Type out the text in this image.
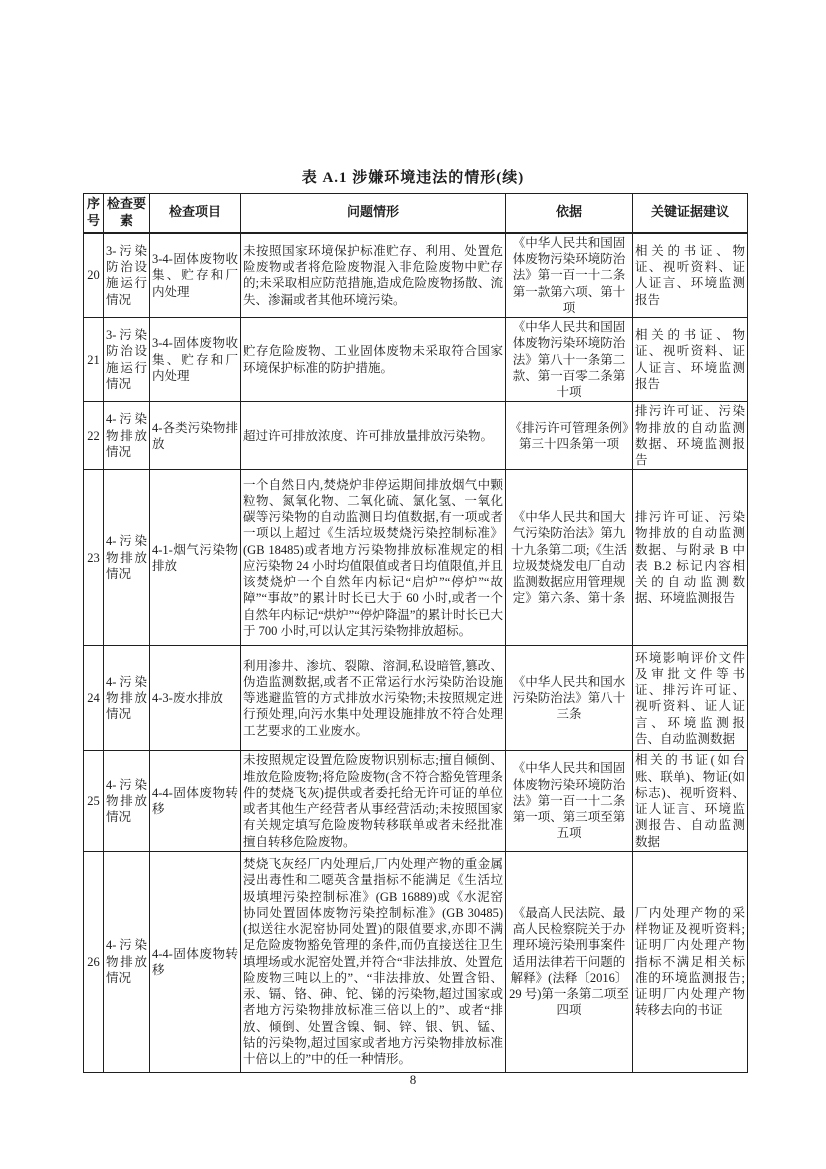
表 A.1 涉嫌环境违法的情形(续)
序号	检查要素	检查项目	问题情形	依据	关键证据建议
20	3-污染防治设施运行情况	3-4-固体废物收集、贮存和厂内处理	未按照国家环境保护标准贮存、利用、处置危险废物或者将危险废物混入非危险废物中贮存的;未采取相应防范措施,造成危险废物扬散、流失、渗漏或者其他环境污染。	《中华人民共和国固体废物污染环境防治法》第一百一十二条第一款第六项、第十项	相关的书证、物证、视听资料、证人证言、环境监测报告
21	3-污染防治设施运行情况	3-4-固体废物收集、贮存和厂内处理	贮存危险废物、工业固体废物未采取符合国家环境保护标准的防护措施。	《中华人民共和国固体废物污染环境防治法》第八十一条第二款、第一百零二条第十项	相关的书证、物证、视听资料、证人证言、环境监测报告
22	4-污染物排放情况	4-各类污染物排放	超过许可排放浓度、许可排放量排放污染物。	《排污许可管理条例》第三十四条第一项	排污许可证、污染物排放的自动监测数据、环境监测报告
23	4-污染物排放情况	4-1-烟气污染物排放	一个自然日内,焚烧炉非停运期间排放烟气中颗粒物、氮氧化物、二氧化硫、氯化氢、一氧化碳等污染物的自动监测日均值数据,有一项或者一项以上超过《生活垃圾焚烧污染控制标准》(GB 18485)或者地方污染物排放标准规定的相应污染物 24 小时均值限值或者日均值限值,并且该焚烧炉一个自然年内标记“启炉”“停炉”“故障”“事故”的累计时长已大于 60 小时,或者一个自然年内标记“烘炉”“停炉降温”的累计时长已大于 700 小时,可以认定其污染物排放超标。	《中华人民共和国大气污染防治法》第九十九条第二项;《生活垃圾焚烧发电厂自动监测数据应用管理规定》第六条、第十条	排污许可证、污染物排放的自动监测数据、与附录 B 中表 B.2 标记内容相关的自动监测数据、环境监测报告
24	4-污染物排放情况	4-3-废水排放	利用渗井、渗坑、裂隙、溶洞,私设暗管,篡改、伪造监测数据,或者不正常运行水污染防治设施等逃避监管的方式排放水污染物;未按照规定进行预处理,向污水集中处理设施排放不符合处理工艺要求的工业废水。	《中华人民共和国水污染防治法》第八十三条	环境影响评价文件及审批文件等书证、排污许可证、视听资料、证人证言、环境监测报告、自动监测数据
25	4-污染物排放情况	4-4-固体废物转移	未按照规定设置危险废物识别标志;擅自倾倒、堆放危险废物;将危险废物(含不符合豁免管理条件的焚烧飞灰)提供或者委托给无许可证的单位或者其他生产经营者从事经营活动;未按照国家有关规定填写危险废物转移联单或者未经批准擅自转移危险废物。	《中华人民共和国固体废物污染环境防治法》第一百一十二条第一项、第三项至第五项	相关的书证(如台账、联单)、物证(如标志)、视听资料、证人证言、环境监测报告、自动监测数据
26	4-污染物排放情况	4-4-固体废物转移	焚烧飞灰经厂内处理后,厂内处理产物的重金属浸出毒性和二噁英含量指标不能满足《生活垃圾填埋污染控制标准》(GB 16889)或《水泥窑协同处置固体废物污染控制标准》(GB 30485)(拟送往水泥窑协同处置)的限值要求,亦即不满足危险废物豁免管理的条件,而仍直接送往卫生填埋场或水泥窑处置,并符合“非法排放、处置危险废物三吨以上的”、“非法排放、处置含铅、汞、镉、铬、砷、铊、锑的污染物,超过国家或者地方污染物排放标准三倍以上的”、或者“排放、倾倒、处置含镍、铜、锌、银、钒、锰、钴的污染物,超过国家或者地方污染物排放标准十倍以上的”中的任一种情形。	《最高人民法院、最高人民检察院关于办理环境污染刑事案件适用法律若干问题的解释》(法释〔2016〕29 号)第一条第二项至四项	厂内处理产物的采样物证及视听资料;证明厂内处理产物指标不满足相关标准的环境监测报告;证明厂内处理产物转移去向的书证
8
